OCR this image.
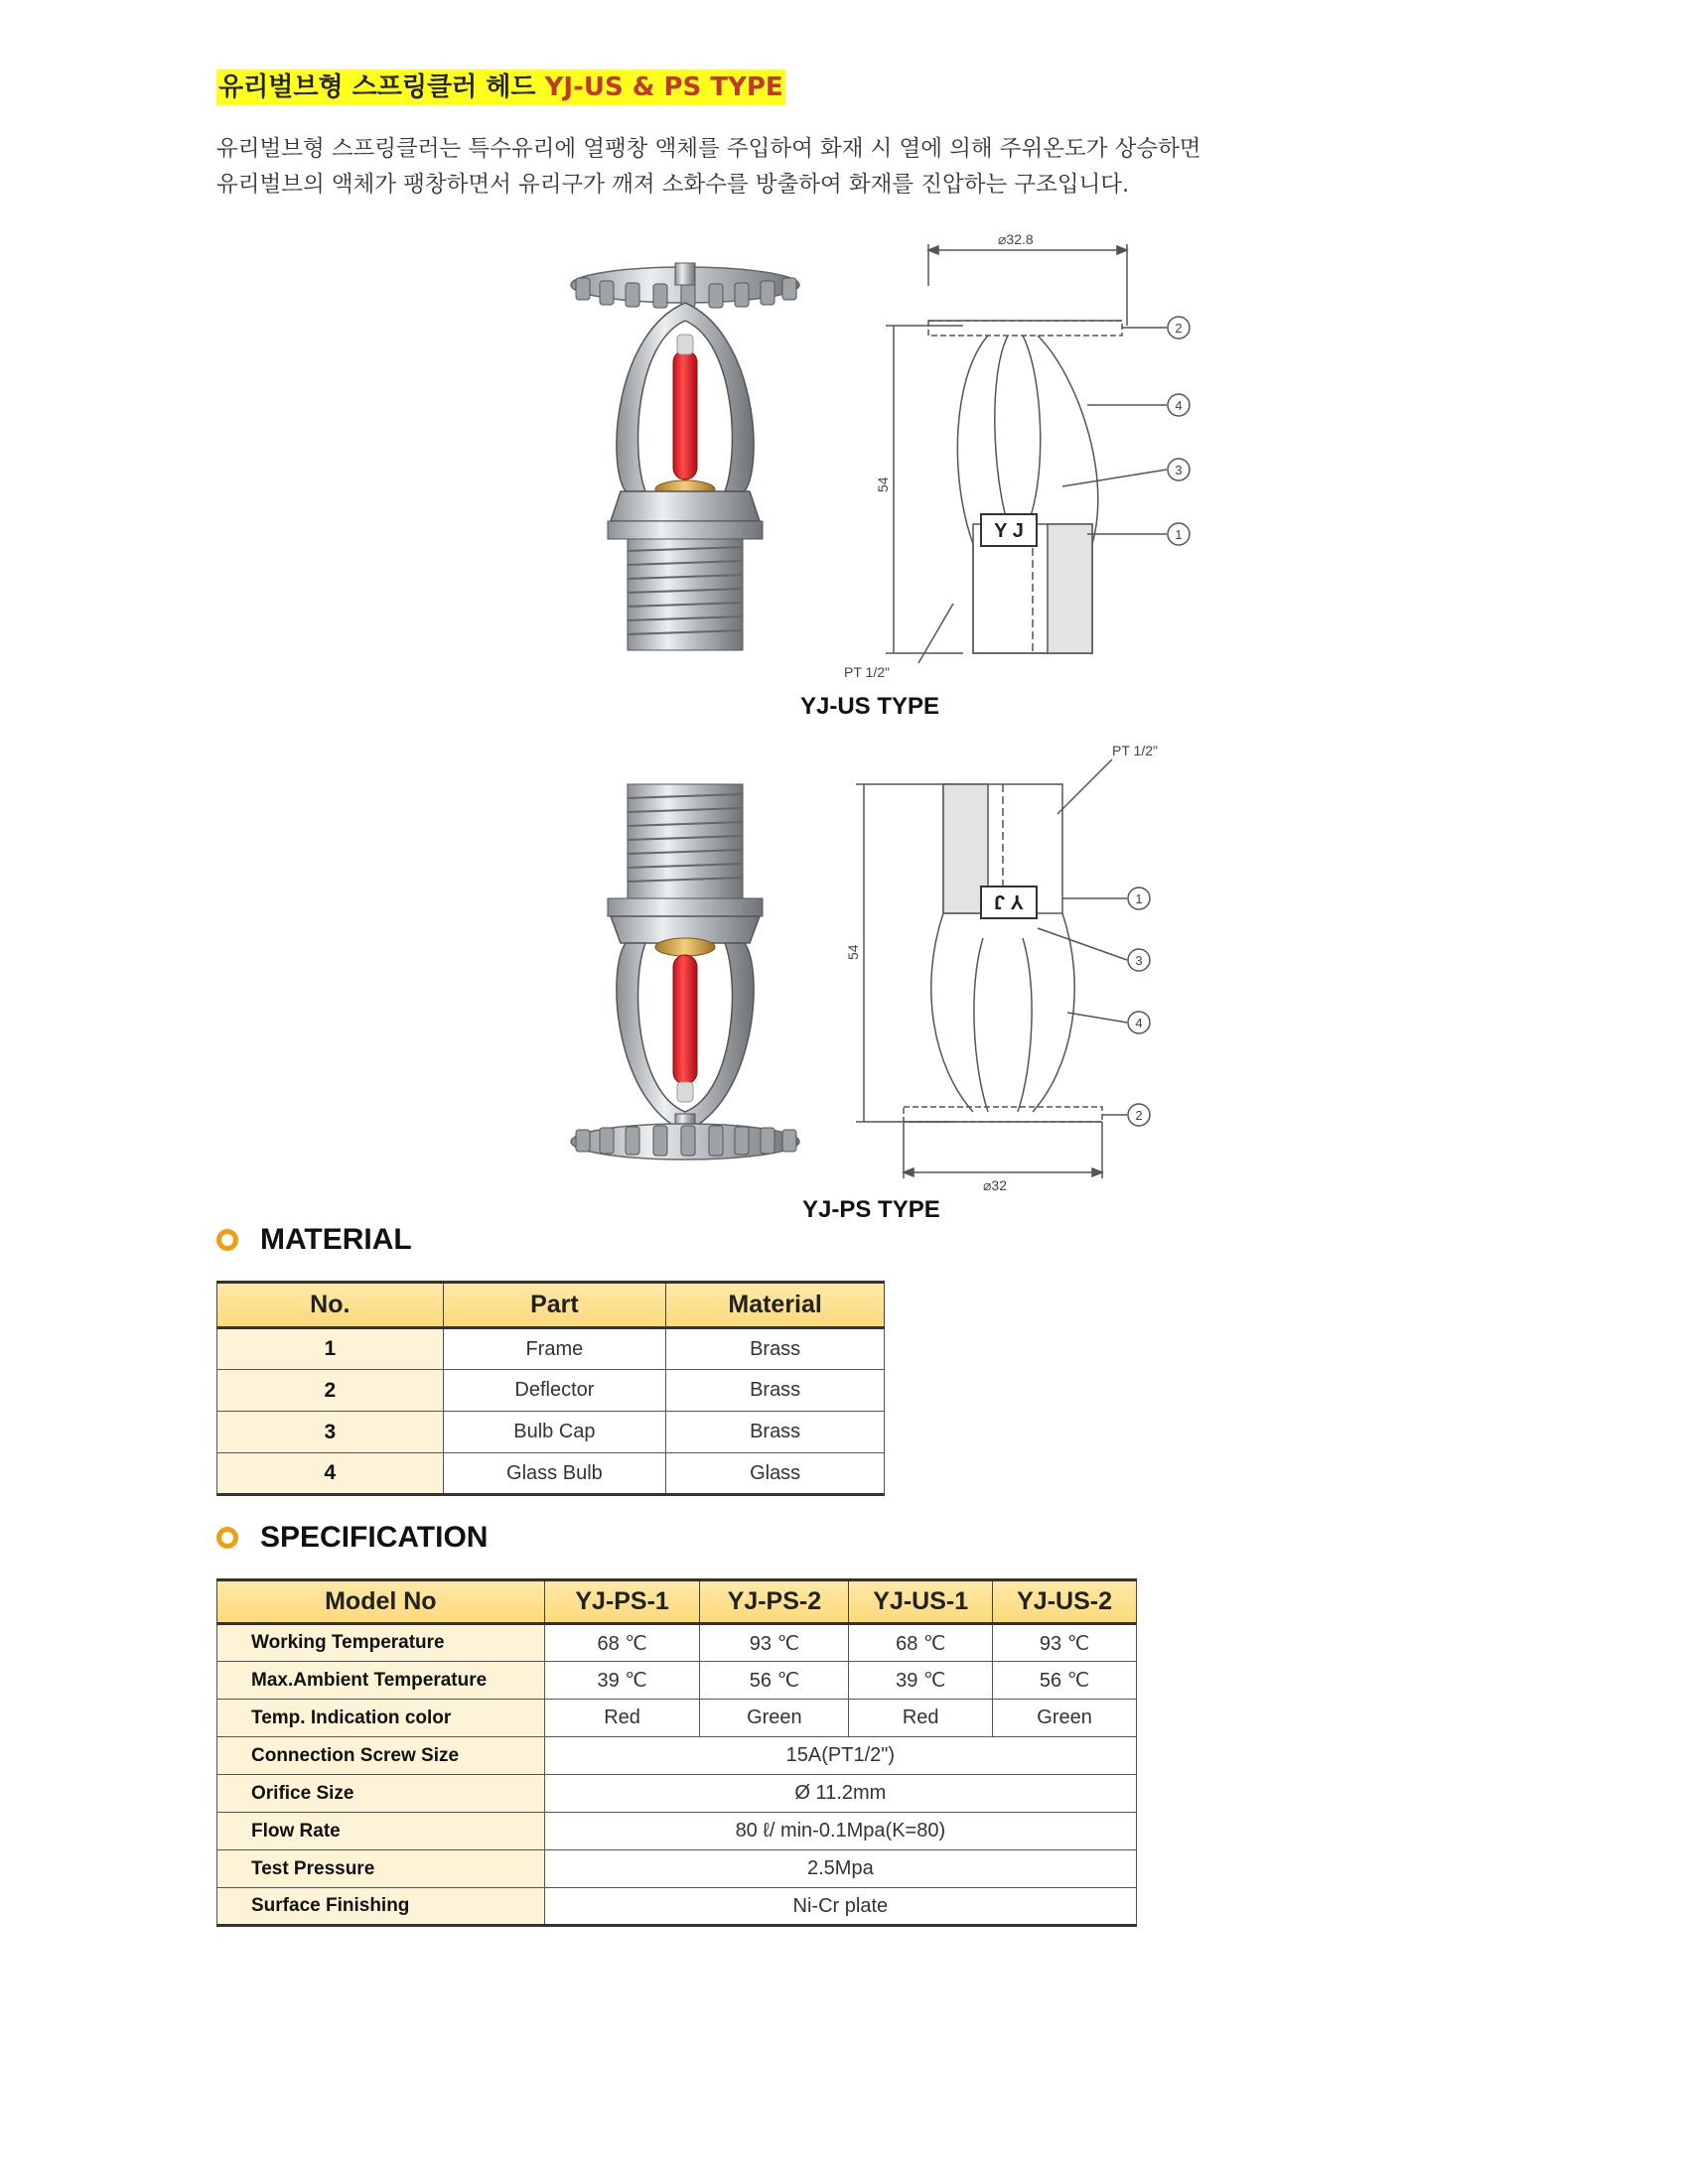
유리벌브형 스프링클러 헤드 YJ-US & PS TYPE
유리벌브형 스프링클러는 특수유리에 열팽창 액체를 주입하여 화재 시 열에 의해 주위온도가 상승하면
유리벌브의 액체가 팽창하면서 유리구가 깨져 소화수를 방출하여 화재를 진압하는 구조입니다.
⌀32.8
54
PT 1/2"
Y J
2
4
3
1
YJ-US TYPE
PT 1/2"
54
⌀32
Y J	1
3
4
2
YJ-PS TYPE
MATERIAL
No.	Part	Material
1	Frame	Brass
2	Deflector	Brass
3	Bulb Cap	Brass
4	Glass Bulb	Glass
SPECIFICATION
Model No	YJ-PS-1	YJ-PS-2	YJ-US-1	YJ-US-2
Working Temperature	68 ℃	93 ℃	68 ℃	93 ℃
Max.Ambient Temperature	39 ℃	56 ℃	39 ℃	56 ℃
Temp. Indication color	Red	Green	Red	Green
Connection Screw Size	15A(PT1/2")			
Orifice Size	Ø 11.2mm			
Flow Rate	80 ℓ/ min-0.1Mpa(K=80)			
Test Pressure	2.5Mpa			
Surface Finishing	Ni-Cr plate			
